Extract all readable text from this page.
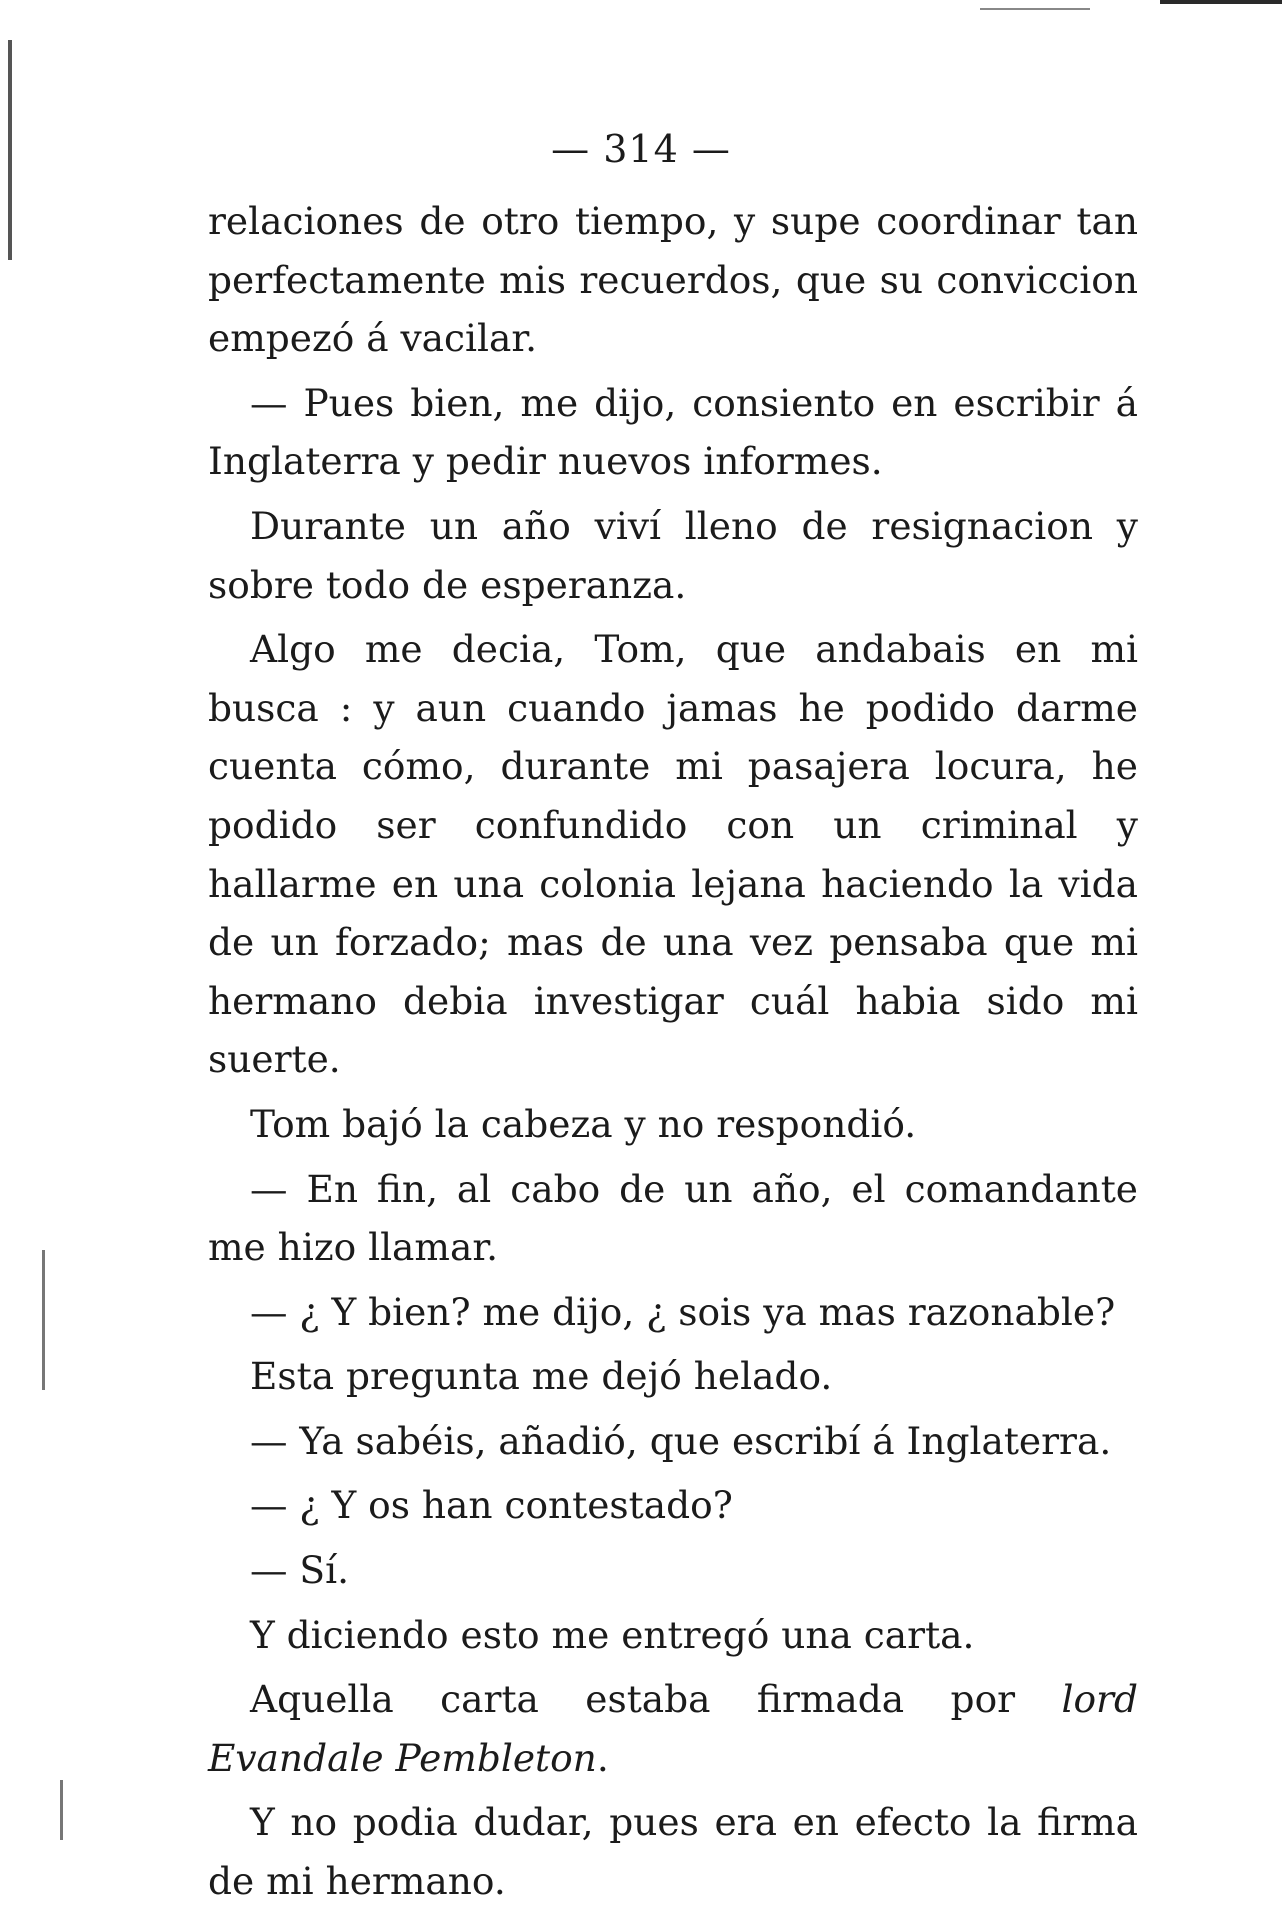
— 314 —

relaciones de otro tiempo, y supe coordinar tan perfectamente mis recuerdos, que su conviccion empezó á vacilar.

— Pues bien, me dijo, consiento en escribir á Inglaterra y pedir nuevos informes.

Durante un año viví lleno de resignacion y sobre todo de esperanza.

Algo me decia, Tom, que andabais en mi busca : y aun cuando jamas he podido darme cuenta cómo, durante mi pasajera locura, he podido ser confundido con un criminal y hallarme en una colonia lejana haciendo la vida de un forzado; mas de una vez pensaba que mi hermano debia investigar cuál habia sido mi suerte.

Tom bajó la cabeza y no respondió.

— En fin, al cabo de un año, el comandante me hizo llamar.

— ¿ Y bien? me dijo, ¿ sois ya mas razonable?

Esta pregunta me dejó helado.

— Ya sabéis, añadió, que escribí á Inglaterra.

— ¿ Y os han contestado?

— Sí.

Y diciendo esto me entregó una carta.

Aquella carta estaba firmada por lord Evandale Pembleton.

Y no podia dudar, pues era en efecto la firma de mi hermano.
